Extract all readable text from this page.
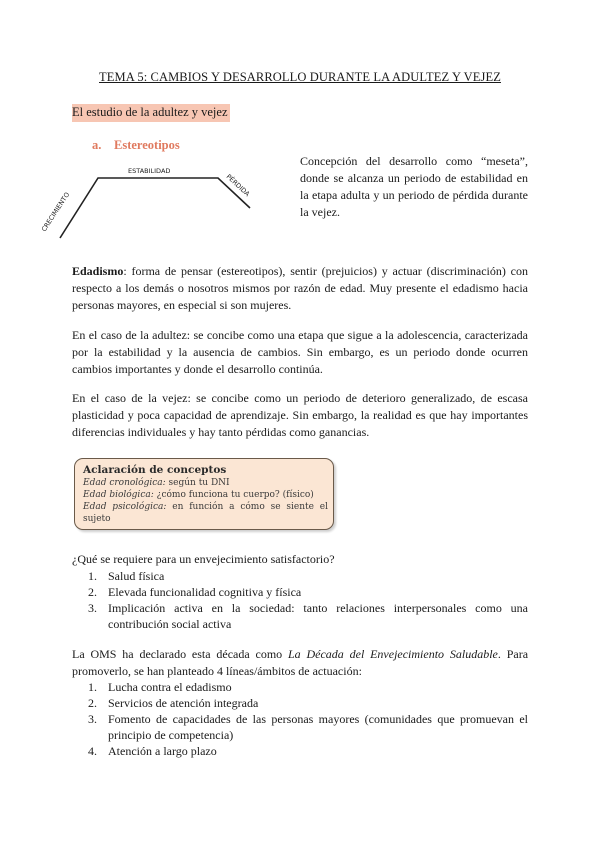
TEMA 5: CAMBIOS Y DESARROLLO DURANTE LA ADULTEZ Y VEJEZ
El estudio de la adultez y vejez
a. Estereotipos
CRECIMIENTO
ESTABILIDAD
PÉRDIDA
Concepción del desarrollo como “meseta”, donde se alcanza un periodo de estabilidad en la etapa adulta y un periodo de pérdida durante la vejez.
Edadismo: forma de pensar (estereotipos), sentir (prejuicios) y actuar (discriminación) con respecto a los demás o nosotros mismos por razón de edad. Muy presente el edadismo hacia personas mayores, en especial si son mujeres.
En el caso de la adultez: se concibe como una etapa que sigue a la adolescencia, caracterizada por la estabilidad y la ausencia de cambios. Sin embargo, es un periodo donde ocurren cambios importantes y donde el desarrollo continúa.
En el caso de la vejez: se concibe como un periodo de deterioro generalizado, de escasa plasticidad y poca capacidad de aprendizaje. Sin embargo, la realidad es que hay importantes diferencias individuales y hay tanto pérdidas como ganancias.
Aclaración de conceptos
Edad cronológica: según tu DNI
Edad biológica: ¿cómo funciona tu cuerpo? (físico)
Edad psicológica: en función a cómo se siente el sujeto
¿Qué se requiere para un envejecimiento satisfactorio?
1. Salud física
2. Elevada funcionalidad cognitiva y física
3. Implicación activa en la sociedad: tanto relaciones interpersonales como una contribución social activa
La OMS ha declarado esta década como La Década del Envejecimiento Saludable. Para promoverlo, se han planteado 4 líneas/ámbitos de actuación:
1. Lucha contra el edadismo
2. Servicios de atención integrada
3. Fomento de capacidades de las personas mayores (comunidades que promuevan el principio de competencia)
4. Atención a largo plazo
